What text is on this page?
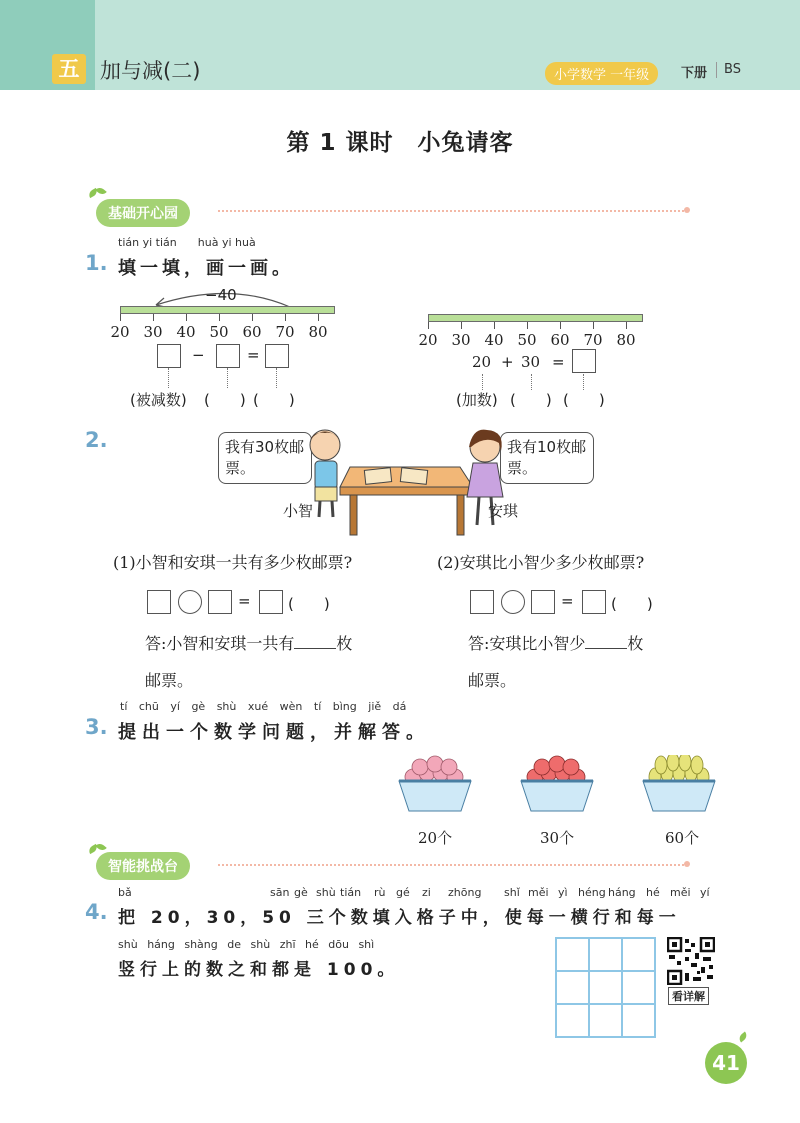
五 加与减(二)	小学数学 一年级	下册 BS
第 1 课时　小兔请客
基础开心园
tián yi tián huà yi huà
1. 填一填，画一画。
−40
20 30 40 50 60 70 80
−	=
(被减数) (　　) (　　)
20 30 40 50 60 70 80
20 + 30 =
(加数) (　　) (　　)
2.	我有30枚邮票。
我有10枚邮票。
小智	安琪
(1)小智和安琪一共有多少枚邮票?	(2)安琪比小智少多少枚邮票?
= (　　)	= (　　)
答:小智和安琪一共有	枚
邮票。
答:安琪比小智少	枚
邮票。
tí chū yí gè shù xué wèn tí bìng jiě dá
3. 提出一个数学问题，并解答。
20个	30个	60个
智能挑战台
bǎ	sān gè shù tián rù gé zi zhōng shǐ měi yì héng háng hé měi yí
4. 把 20，30，50 三个数填入格子中，使每一横行和每一
shù háng shàng de shù zhī hé dōu shì
竖行上的数之和都是 100。
看详解
41
